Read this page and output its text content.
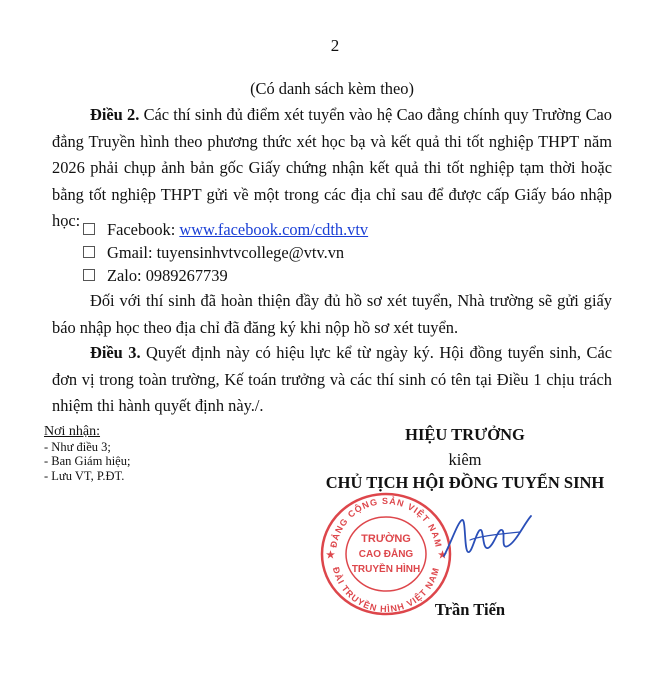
2

(Có danh sách kèm theo)

Điều 2. Các thí sinh đủ điểm xét tuyển vào hệ Cao đẳng chính quy Trường Cao đẳng Truyền hình theo phương thức xét học bạ và kết quả thi tốt nghiệp THPT năm 2026 phải chụp ảnh bản gốc Giấy chứng nhận kết quả thi tốt nghiệp tạm thời hoặc bằng tốt nghiệp THPT gửi về một trong các địa chỉ sau để được cấp Giấy báo nhập học:	Facebook: www.facebook.com/cdth.vtv
Gmail: tuyensinhvtvcollege@vtv.vn
Zalo: 0989267739

Đối với thí sinh đã hoàn thiện đầy đủ hồ sơ xét tuyển, Nhà trường sẽ gửi giấy báo nhập học theo địa chỉ đã đăng ký khi nộp hồ sơ xét tuyển.

Điều 3. Quyết định này có hiệu lực kể từ ngày ký. Hội đồng tuyển sinh, Các đơn vị trong toàn trường, Kế toán trưởng và các thí sinh có tên tại Điều 1 chịu trách nhiệm thi hành quyết định này./.

Nơi nhận:
- Như điều 3;
- Ban Giám hiệu;
- Lưu VT, P.ĐT.
HIỆU TRƯỞNG
kiêm
CHỦ TỊCH HỘI ĐỒNG TUYỂN SINH
ĐẢNG CỘNG SẢN VIỆT NAM
ĐÀI TRUYỀN HÌNH VIỆT NAM
TRƯỜNG
CAO ĐẲNG
TRUYỀN HÌNH
★	★
Trần Tiến
